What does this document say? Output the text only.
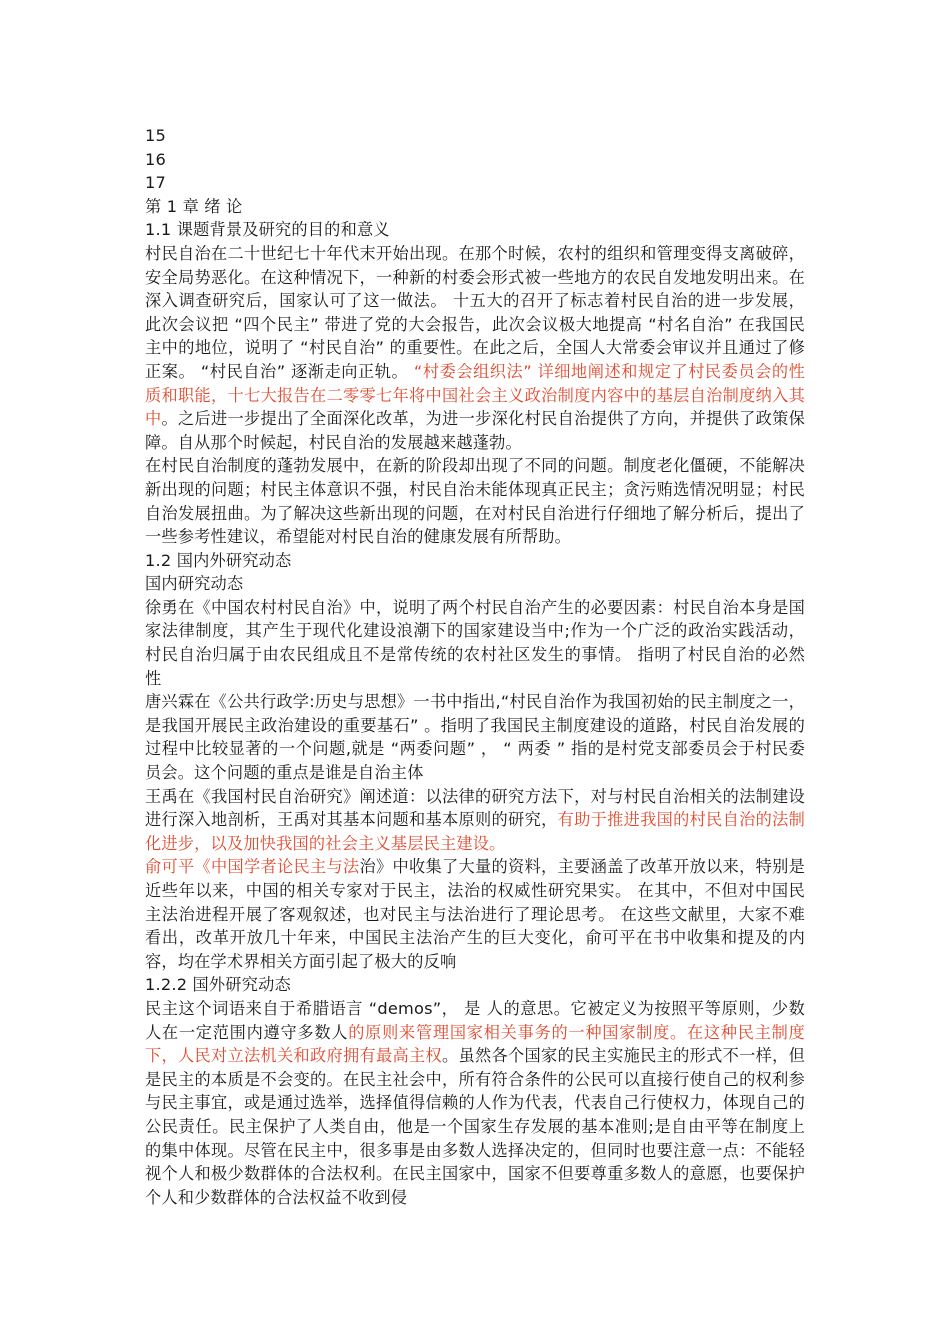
15

16

17

第 1 章 绪 论

1.1 课题背景及研究的目的和意义

村民自治在二十世纪七十年代末开始出现。在那个时候，农村的组织和管理变得支离破碎，安全局势恶化。在这种情况下，一种新的村委会形式被一些地方的农民自发地发明出来。在深入调查研究后，国家认可了这一做法。 十五大的召开了标志着村民自治的进一步发展，此次会议把 “四个民主” 带进了党的大会报告，此次会议极大地提高 “村名自治” 在我国民主中的地位，说明了 “村民自治” 的重要性。在此之后，全国人大常委会审议并且通过了修正案。 “村民自治” 逐渐走向正轨。 “村委会组织法” 详细地阐述和规定了村民委员会的性质和职能，十七大报告在二零零七年将中国社会主义政治制度内容中的基层自治制度纳入其中。之后进一步提出了全面深化改革，为进一步深化村民自治提供了方向，并提供了政策保障。自从那个时候起，村民自治的发展越来越蓬勃。

在村民自治制度的蓬勃发展中，在新的阶段却出现了不同的问题。制度老化僵硬，不能解决新出现的问题；村民主体意识不强，村民自治未能体现真正民主；贪污贿选情况明显；村民自治发展扭曲。为了解决这些新出现的问题，在对村民自治进行仔细地了解分析后，提出了一些参考性建议，希望能对村民自治的健康发展有所帮助。

1.2 国内外研究动态

国内研究动态

徐勇在《中国农村村民自治》中，说明了两个村民自治产生的必要因素：村民自治本身是国家法律制度，其产生于现代化建设浪潮下的国家建设当中;作为一个广泛的政治实践活动，村民自治归属于由农民组成且不是常传统的农村社区发生的事情。 指明了村民自治的必然性

唐兴霖在《公共行政学:历史与思想》一书中指出,“村民自治作为我国初始的民主制度之一，是我国开展民主政治建设的重要基石” 。指明了我国民主制度建设的道路，村民自治发展的过程中比较显著的一个问题,就是 “两委问题” ， “ 两委 ” 指的是村党支部委员会于村民委员会。这个问题的重点是谁是自治主体

王禹在《我国村民自治研究》阐述道：以法律的研究方法下，对与村民自治相关的法制建设进行深入地剖析，王禹对其基本问题和基本原则的研究，有助于推进我国的村民自治的法制化进步，以及加快我国的社会主义基层民主建设。

俞可平《中国学者论民主与法治》中收集了大量的资料，主要涵盖了改革开放以来，特别是近些年以来，中国的相关专家对于民主，法治的权威性研究果实。 在其中，不但对中国民主法治进程开展了客观叙述，也对民主与法治进行了理论思考。 在这些文献里，大家不难看出，改革开放几十年来，中国民主法治产生的巨大变化，俞可平在书中收集和提及的内容，均在学术界相关方面引起了极大的反响

1.2.2 国外研究动态

民主这个词语来自于希腊语言 “demos”， 是 人的意思。它被定义为按照平等原则，少数人在一定范围内遵守多数人的原则来管理国家相关事务的一种国家制度。在这种民主制度下，人民对立法机关和政府拥有最高主权。虽然各个国家的民主实施民主的形式不一样，但是民主的本质是不会变的。在民主社会中，所有符合条件的公民可以直接行使自己的权利参与民主事宜，或是通过选举，选择值得信赖的人作为代表，代表自己行使权力，体现自己的公民责任。民主保护了人类自由，他是一个国家生存发展的基本准则;是自由平等在制度上的集中体现。尽管在民主中，很多事是由多数人选择决定的，但同时也要注意一点：不能轻视个人和极少数群体的合法权利。在民主国家中，国家不但要尊重多数人的意愿，也要保护个人和少数群体的合法权益不收到侵
